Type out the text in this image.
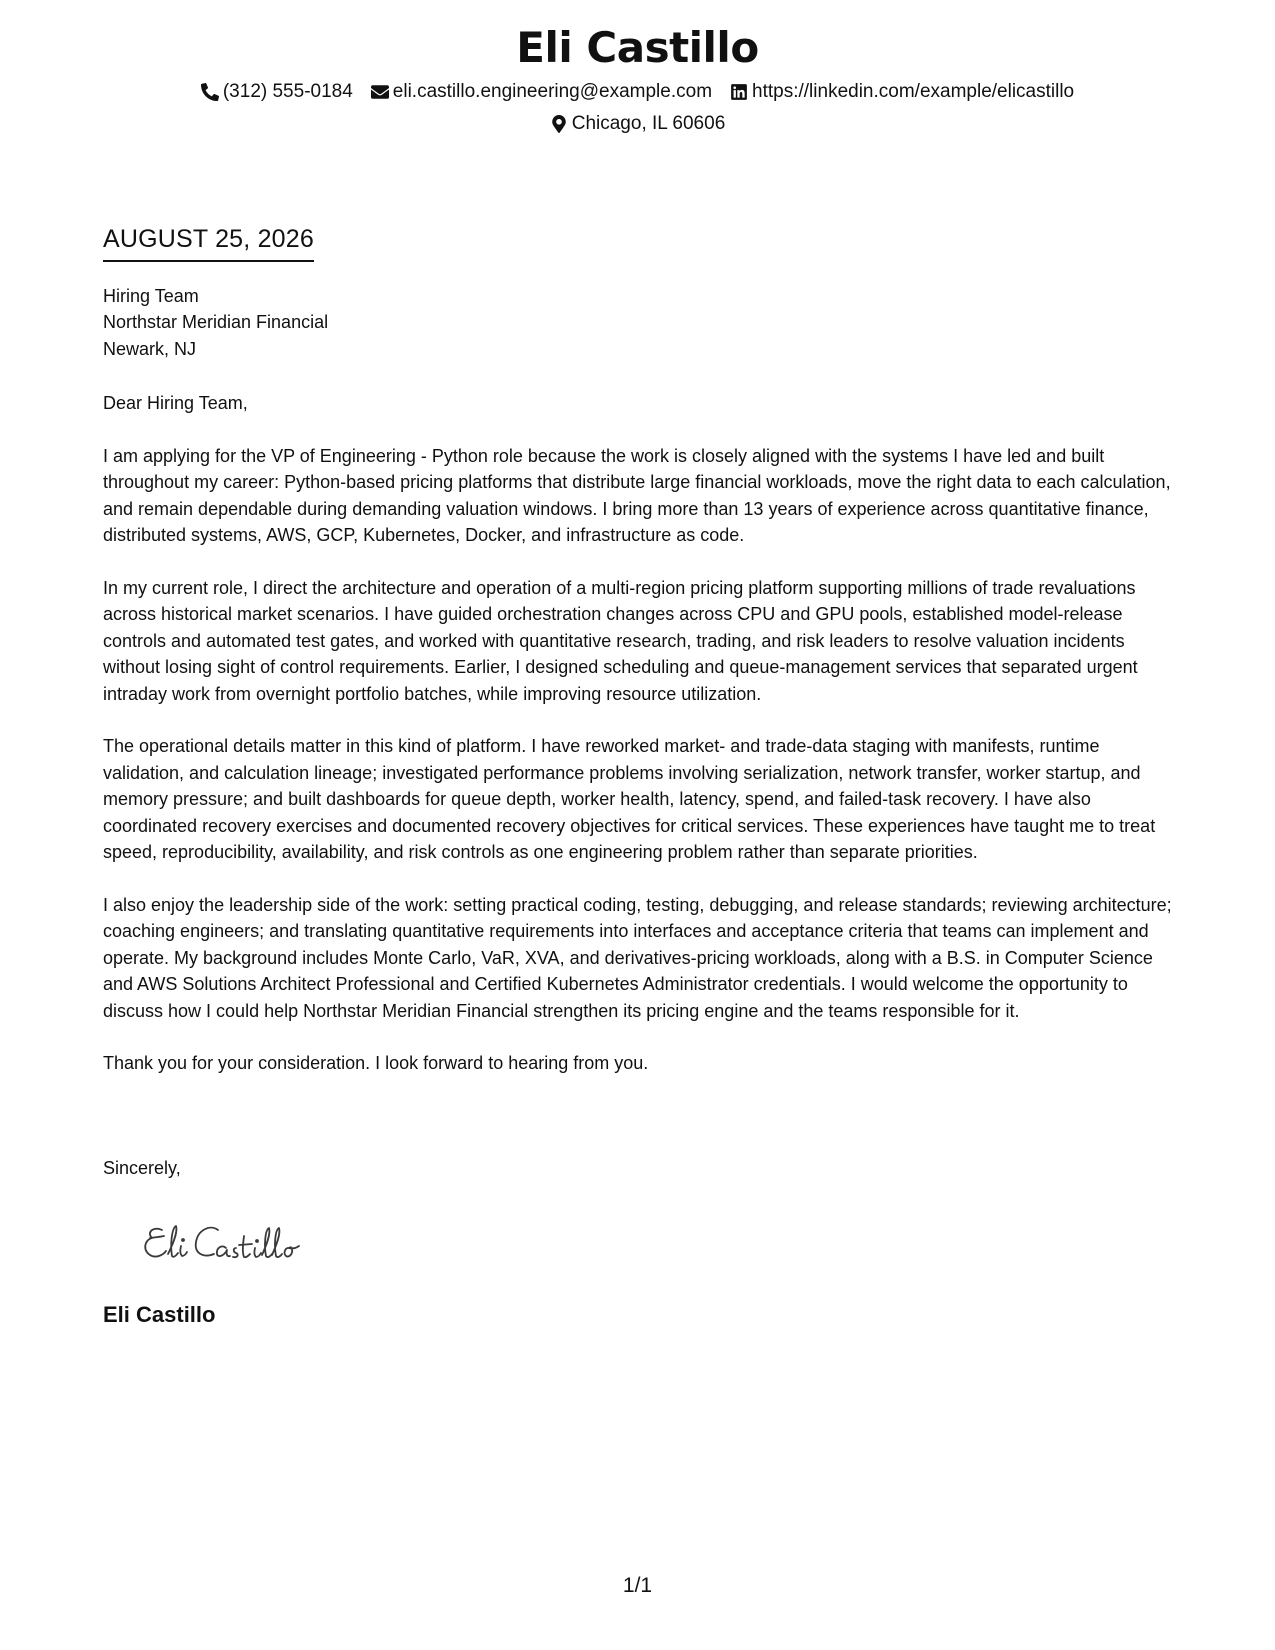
Eli Castillo
(312) 555-0184 eli.castillo.engineering@example.com https://linkedin.com/example/elicastillo
Chicago, IL 60606
AUGUST 25, 2026

Hiring Team

Northstar Meridian Financial

Newark, NJ

Dear Hiring Team,

I am applying for the VP of Engineering - Python role because the work is closely aligned with the systems I have led and built throughout my career: Python-based pricing platforms that distribute large financial workloads, move the right data to each calculation, and remain dependable during demanding valuation windows. I bring more than 13 years of experience across quantitative finance, distributed systems, AWS, GCP, Kubernetes, Docker, and infrastructure as code.

In my current role, I direct the architecture and operation of a multi-region pricing platform supporting millions of trade revaluations across historical market scenarios. I have guided orchestration changes across CPU and GPU pools, established model-release controls and automated test gates, and worked with quantitative research, trading, and risk leaders to resolve valuation incidents without losing sight of control requirements. Earlier, I designed scheduling and queue-management services that separated urgent intraday work from overnight portfolio batches, while improving resource utilization.

The operational details matter in this kind of platform. I have reworked market- and trade-data staging with manifests, runtime validation, and calculation lineage; investigated performance problems involving serialization, network transfer, worker startup, and memory pressure; and built dashboards for queue depth, worker health, latency, spend, and failed-task recovery. I have also coordinated recovery exercises and documented recovery objectives for critical services. These experiences have taught me to treat speed, reproducibility, availability, and risk controls as one engineering problem rather than separate priorities.

I also enjoy the leadership side of the work: setting practical coding, testing, debugging, and release standards; reviewing architecture; coaching engineers; and translating quantitative requirements into interfaces and acceptance criteria that teams can implement and operate. My background includes Monte Carlo, VaR, XVA, and derivatives-pricing workloads, along with a B.S. in Computer Science and AWS Solutions Architect Professional and Certified Kubernetes Administrator credentials. I would welcome the opportunity to discuss how I could help Northstar Meridian Financial strengthen its pricing engine and the teams responsible for it.

Thank you for your consideration. I look forward to hearing from you.

Sincerely,
Eli Castillo
1/1
